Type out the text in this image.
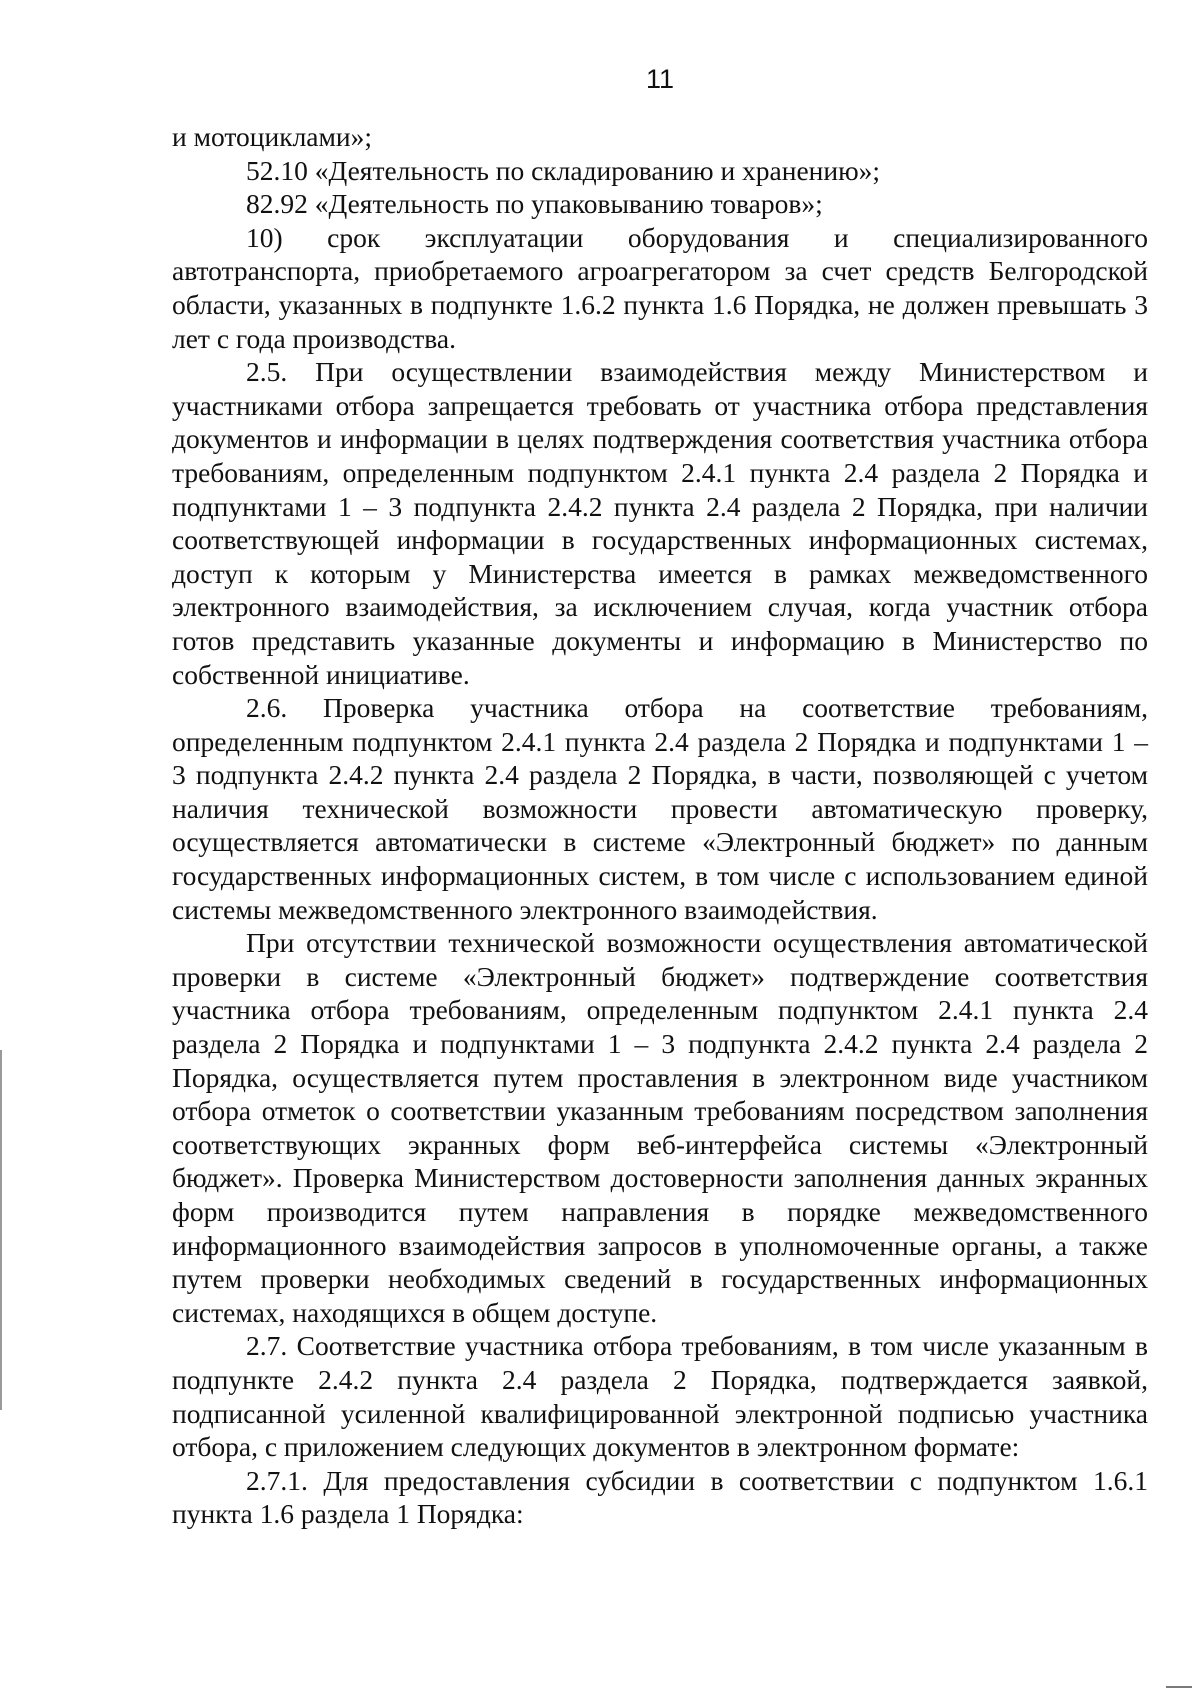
11

и мотоциклами»;

52.10 «Деятельность по складированию и хранению»;

82.92 «Деятельность по упаковыванию товаров»;

10) срок эксплуатации оборудования и специализированного автотранспорта, приобретаемого агроагрегатором за счет средств Белгородской области, указанных в подпункте 1.6.2 пункта 1.6 Порядка, не должен превышать 3 лет с года производства.

2.5. При осуществлении взаимодействия между Министерством и участниками отбора запрещается требовать от участника отбора представления документов и информации в целях подтверждения соответствия участника отбора требованиям, определенным подпунктом 2.4.1 пункта 2.4 раздела 2 Порядка и подпунктами 1 – 3 подпункта 2.4.2 пункта 2.4 раздела 2 Порядка, при наличии соответствующей информации в государственных информационных системах, доступ к которым у Министерства имеется в рамках межведомственного электронного взаимодействия, за исключением случая, когда участник отбора готов представить указанные документы и информацию в Министерство по собственной инициативе.

2.6. Проверка участника отбора на соответствие требованиям, определенным подпунктом 2.4.1 пункта 2.4 раздела 2 Порядка и подпунктами 1 – 3 подпункта 2.4.2 пункта 2.4 раздела 2 Порядка, в части, позволяющей с учетом наличия технической возможности провести автоматическую проверку, осуществляется автоматически в системе «Электронный бюджет» по данным государственных информационных систем, в том числе с использованием единой системы межведомственного электронного взаимодействия.

При отсутствии технической возможности осуществления автоматической проверки в системе «Электронный бюджет» подтверждение соответствия участника отбора требованиям, определенным подпунктом 2.4.1 пункта 2.4 раздела 2 Порядка и подпунктами 1 – 3 подпункта 2.4.2 пункта 2.4 раздела 2 Порядка, осуществляется путем проставления в электронном виде участником отбора отметок о соответствии указанным требованиям посредством заполнения соответствующих экранных форм веб-интерфейса системы «Электронный бюджет». Проверка Министерством достоверности заполнения данных экранных форм производится путем направления в порядке межведомственного информационного взаимодействия запросов в уполномоченные органы, а также путем проверки необходимых сведений в государственных информационных системах, находящихся в общем доступе.

2.7. Соответствие участника отбора требованиям, в том числе указанным в подпункте 2.4.2 пункта 2.4 раздела 2 Порядка, подтверждается заявкой, подписанной усиленной квалифицированной электронной подписью участника отбора, с приложением следующих документов в электронном формате:

2.7.1. Для предоставления субсидии в соответствии с подпунктом 1.6.1 пункта 1.6 раздела 1 Порядка:
